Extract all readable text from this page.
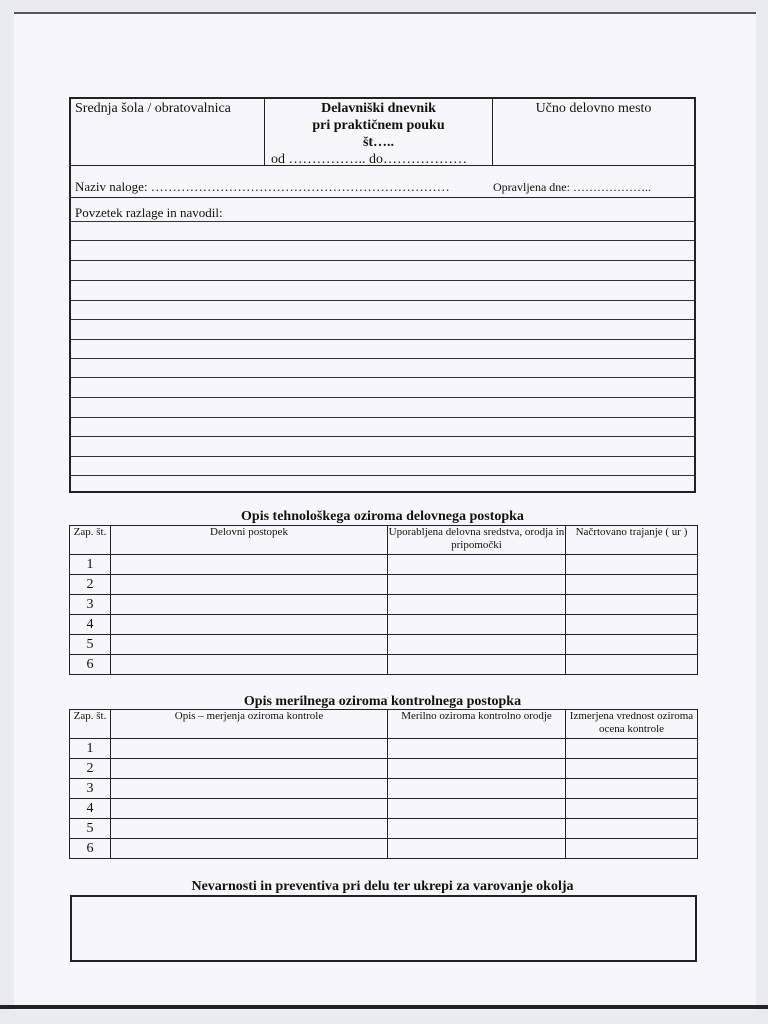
Srednja šola / obratovalnica	Delavniški dnevnik
pri praktičnem pouku
št…..
od …………….. do………………
Učno delovno mesto
Naziv naloge: ……………………………………………………………	Opravljena dne: ………………..
Povzetek razlage in navodil:
Opis tehnološkega oziroma delovnega postopka
Zap. št.	Delovni postopek	Uporabljena delovna sredstva, orodja in pripomočki	Načrtovano trajanje ( ur )
1			
2			
3			
4			
5			
6			
Opis merilnega oziroma kontrolnega postopka
Zap. št.	Opis – merjenja oziroma kontrole	Merilno oziroma kontrolno orodje	Izmerjena vrednost oziroma ocena kontrole
1			
2			
3			
4			
5			
6			
Nevarnosti in preventiva pri delu ter ukrepi za varovanje okolja
